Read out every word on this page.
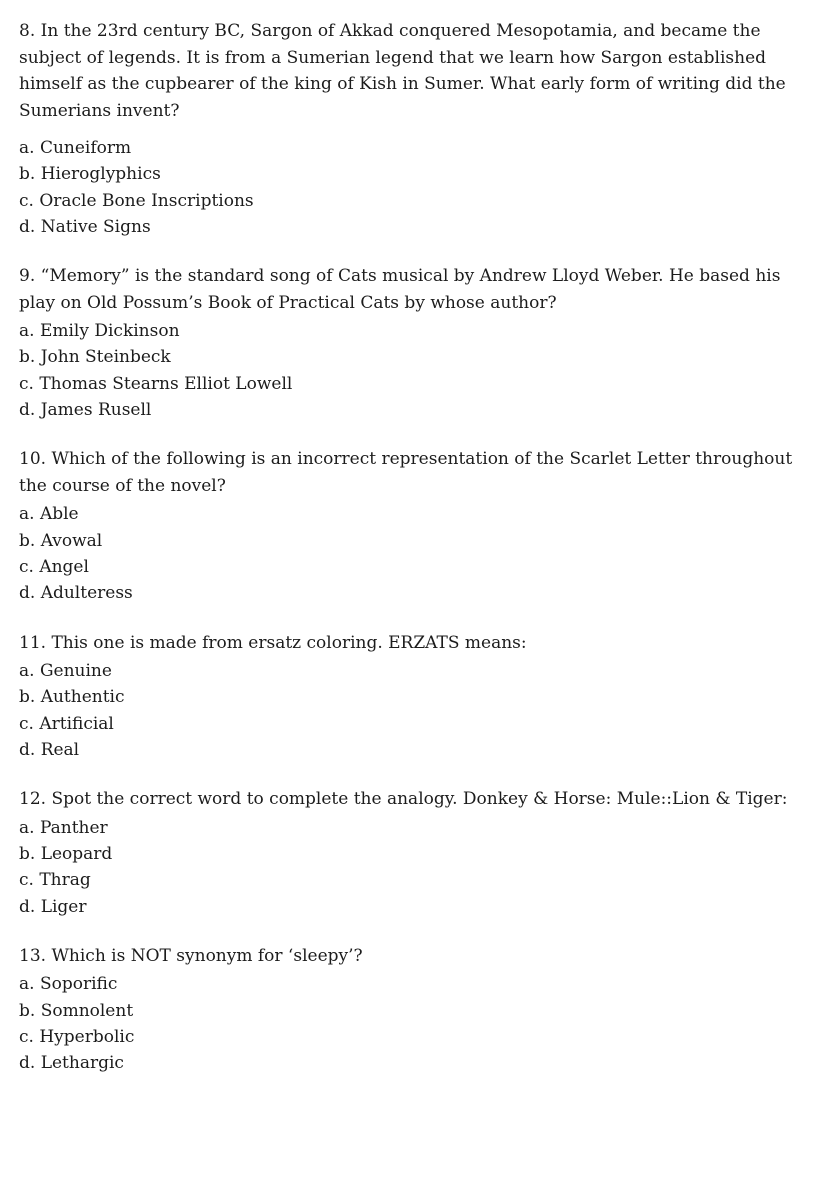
8. In the 23rd century BC, Sargon of Akkad conquered Mesopotamia, and became the subject of legends. It is from a Sumerian legend that we learn how Sargon established himself as the cupbearer of the king of Kish in Sumer. What early form of writing did the Sumerians invent?

a. Cuneiform

b. Hieroglyphics

c. Oracle Bone Inscriptions

d. Native Signs

9. “Memory” is the standard song of Cats musical by Andrew Lloyd Weber. He based his play on Old Possum’s Book of Practical Cats by whose author?

a. Emily Dickinson

b. John Steinbeck

c. Thomas Stearns Elliot Lowell

d. James Rusell

10. Which of the following is an incorrect representation of the Scarlet Letter throughout the course of the novel?

a. Able

b. Avowal

c. Angel

d. Adulteress

11. This one is made from ersatz coloring. ERZATS means:

a. Genuine

b. Authentic

c. Artificial

d. Real

12. Spot the correct word to complete the analogy. Donkey & Horse: Mule::Lion & Tiger:

a. Panther

b. Leopard

c. Thrag

d. Liger

13. Which is NOT synonym for ‘sleepy’?

a. Soporific

b. Somnolent

c. Hyperbolic

d. Lethargic
